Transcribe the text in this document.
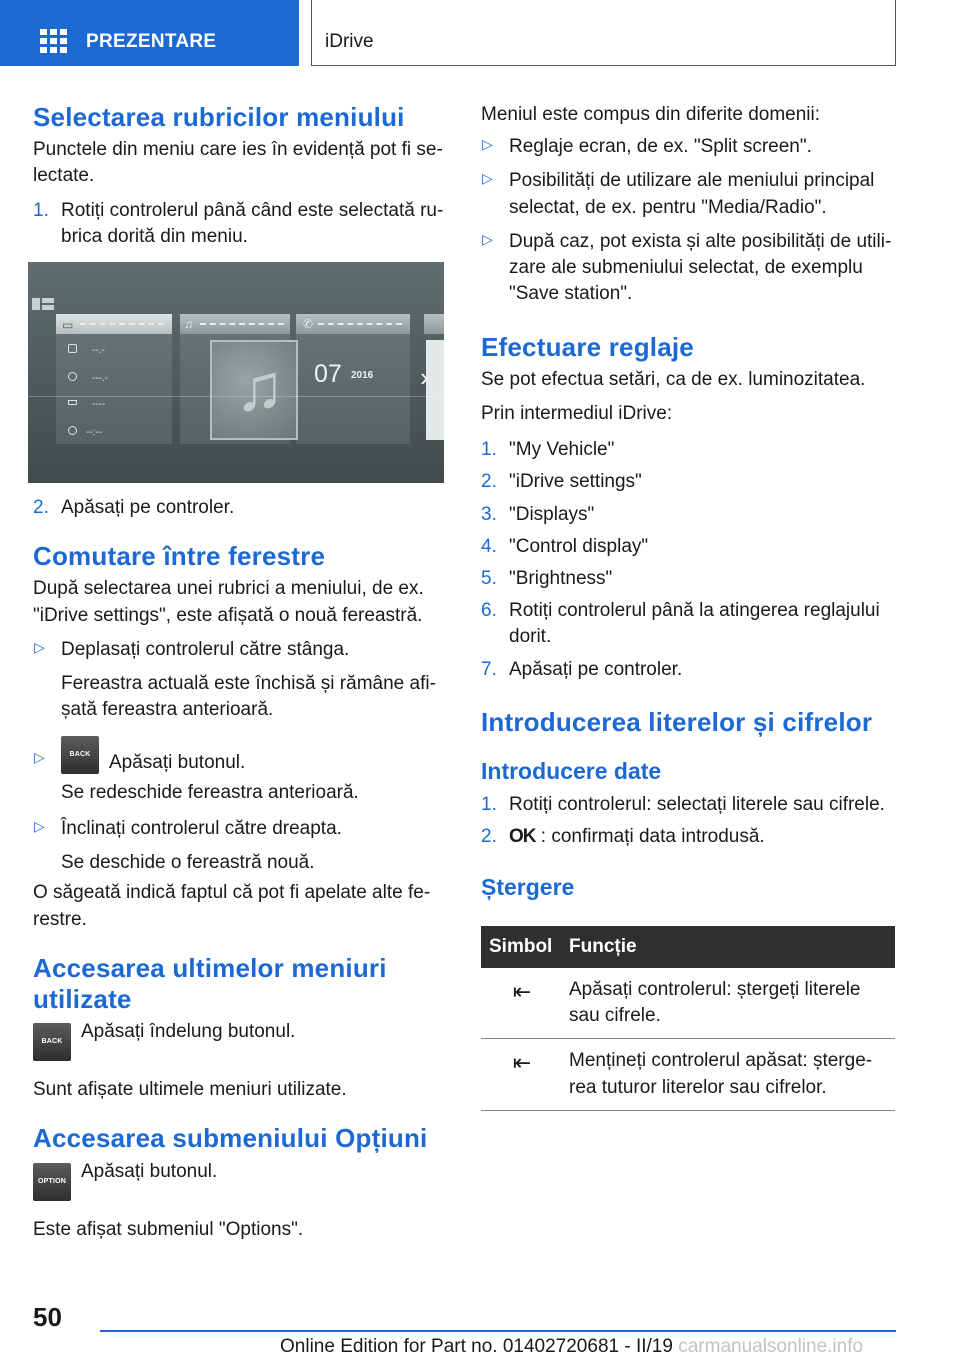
PREZENTARE	iDrive
Selectarea rubricilor meniului

Punctele din meniu care ies în evidență pot fi se-lectate.

1. Rotiți controlerul până când este selectată ru-brica dorită din meniu.
▭	♫	✆
--.-
---.-
----
--:--
♫ 07 2016 ›
2. Apăsați pe controler.
Comutare între ferestre

După selectarea unei rubrici a meniului, de ex. "iDrive settings", este afișată o nouă fereastră.

▷ Deplasați controlerul către stânga.

Fereastra actuală este închisă și rămâne afi-șată fereastra anterioară.

▷	BACK Apăsați butonul.

Se redeschide fereastra anterioară.

▷ Înclinați controlerul către dreapta.

Se deschide o fereastră nouă.

O săgeată indică faptul că pot fi apelate alte fe-restre.

Accesarea ultimelor meniuri utilizate
BACK Apăsați îndelung butonul.

Sunt afișate ultimele meniuri utilizate.

Accesarea submeniului Opțiuni
OPTION Apăsați butonul.

Este afișat submeniul "Options".

Meniul este compus din diferite domenii:

▷ Reglaje ecran, de ex. "Split screen".
▷ Posibilități de utilizare ale meniului principal selectat, de ex. pentru "Media/Radio".
▷ După caz, pot exista și alte posibilități de utili-zare ale submeniului selectat, de exemplu "Save station".
Efectuare reglaje

Se pot efectua setări, ca de ex. luminozitatea.

Prin intermediul iDrive:

1. "My Vehicle"
2. "iDrive settings"
3. "Displays"
4. "Control display"
5. "Brightness"
6. Rotiți controlerul până la atingerea reglajului dorit.
7. Apăsați pe controler.
Introducerea literelor și cifrelor
Introducere date
1. Rotiți controlerul: selectați literele sau cifrele.
2. OK : confirmați data introdusă.
Ștergere
Simbol	Funcție
⇤	Apăsați controlerul: ștergeți literele sau cifrele.
⇤	Mențineți controlerul apăsat: șterge-rea tuturor literelor sau cifrelor.
50
Online Edition for Part no. 01402720681 - II/19 carmanualsonline.info
